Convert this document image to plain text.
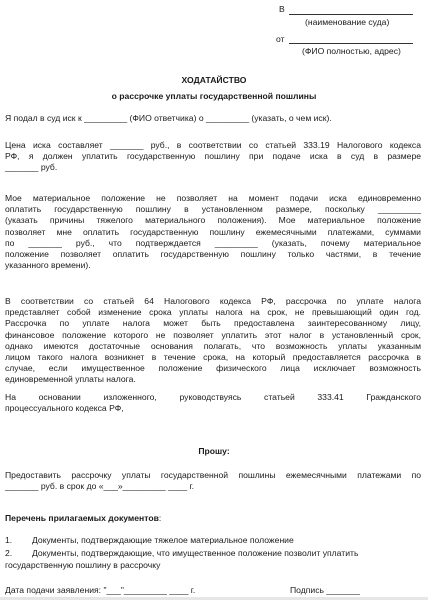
В
(наименование суда)
от
(ФИО полностью, адрес)
ХОДАТАЙСТВО
о рассрочке уплаты государственной пошлины
Я подал в суд иск к _________ (ФИО ответчика) о _________ (указать, о чем иск).
Цена иска составляет _______ руб., в соответствии со статьей 333.19 Налогового кодекса
РФ, я должен уплатить государственную пошлину при подаче иска в суд в размере
_______ руб.
Мое материальное положение не позволяет на момент подачи иска единовременно
оплатить государственную пошлину в установленном размере, поскольку _________
(указать причины тяжелого материального положения). Мое материальное положение
позволяет мне оплатить государственную пошлину ежемесячными платежами, суммами
по _______ руб., что подтверждается _________ (указать, почему материальное
положение позволяет оплатить государственную пошлину только частями, в течение
указанного времени).
В соответствии со статьей 64 Налогового кодекса РФ, рассрочка по уплате налога
представляет собой изменение срока уплаты налога на срок, не превышающий один год.
Рассрочка по уплате налога может быть предоставлена заинтересованному лицу,
финансовое положение которого не позволяет уплатить этот налог в установленный срок,
однако имеются достаточные основания полагать, что возможность уплаты указанным
лицом такого налога возникнет в течение срока, на который предоставляется рассрочка в
случае, если имущественное положение физического лица исключает возможность
единовременной уплаты налога.
На основании изложенного, руководствуясь статьей 333.41 Гражданского
процессуального кодекса РФ,
Прошу:
Предоставить рассрочку уплаты государственной пошлины ежемесячными платежами по
_______ руб. в срок до «___»_________ ____ г.
Перечень прилагаемых документов:
1. Документы, подтверждающие тяжелое материальное положение
2. Документы, подтверждающие, что имущественное положение позволит уплатить
государственную пошлину в рассрочку
Дата подачи заявления: "___"_________ ____ г.	Подпись _______
